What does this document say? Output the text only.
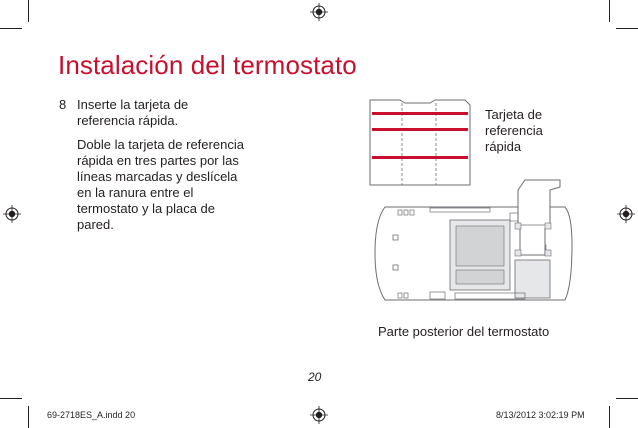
Instalación del termostato
8 Inserte la tarjeta de referencia rápida.
Doble la tarjeta de referencia rápida en tres partes por las líneas marcadas y deslícela en la ranura entre el termostato y la placa de pared.
Tarjeta de referencia rápida
Parte posterior del termostato
20
69-2718ES_A.indd 20	8/13/2012 3:02:19 PM
